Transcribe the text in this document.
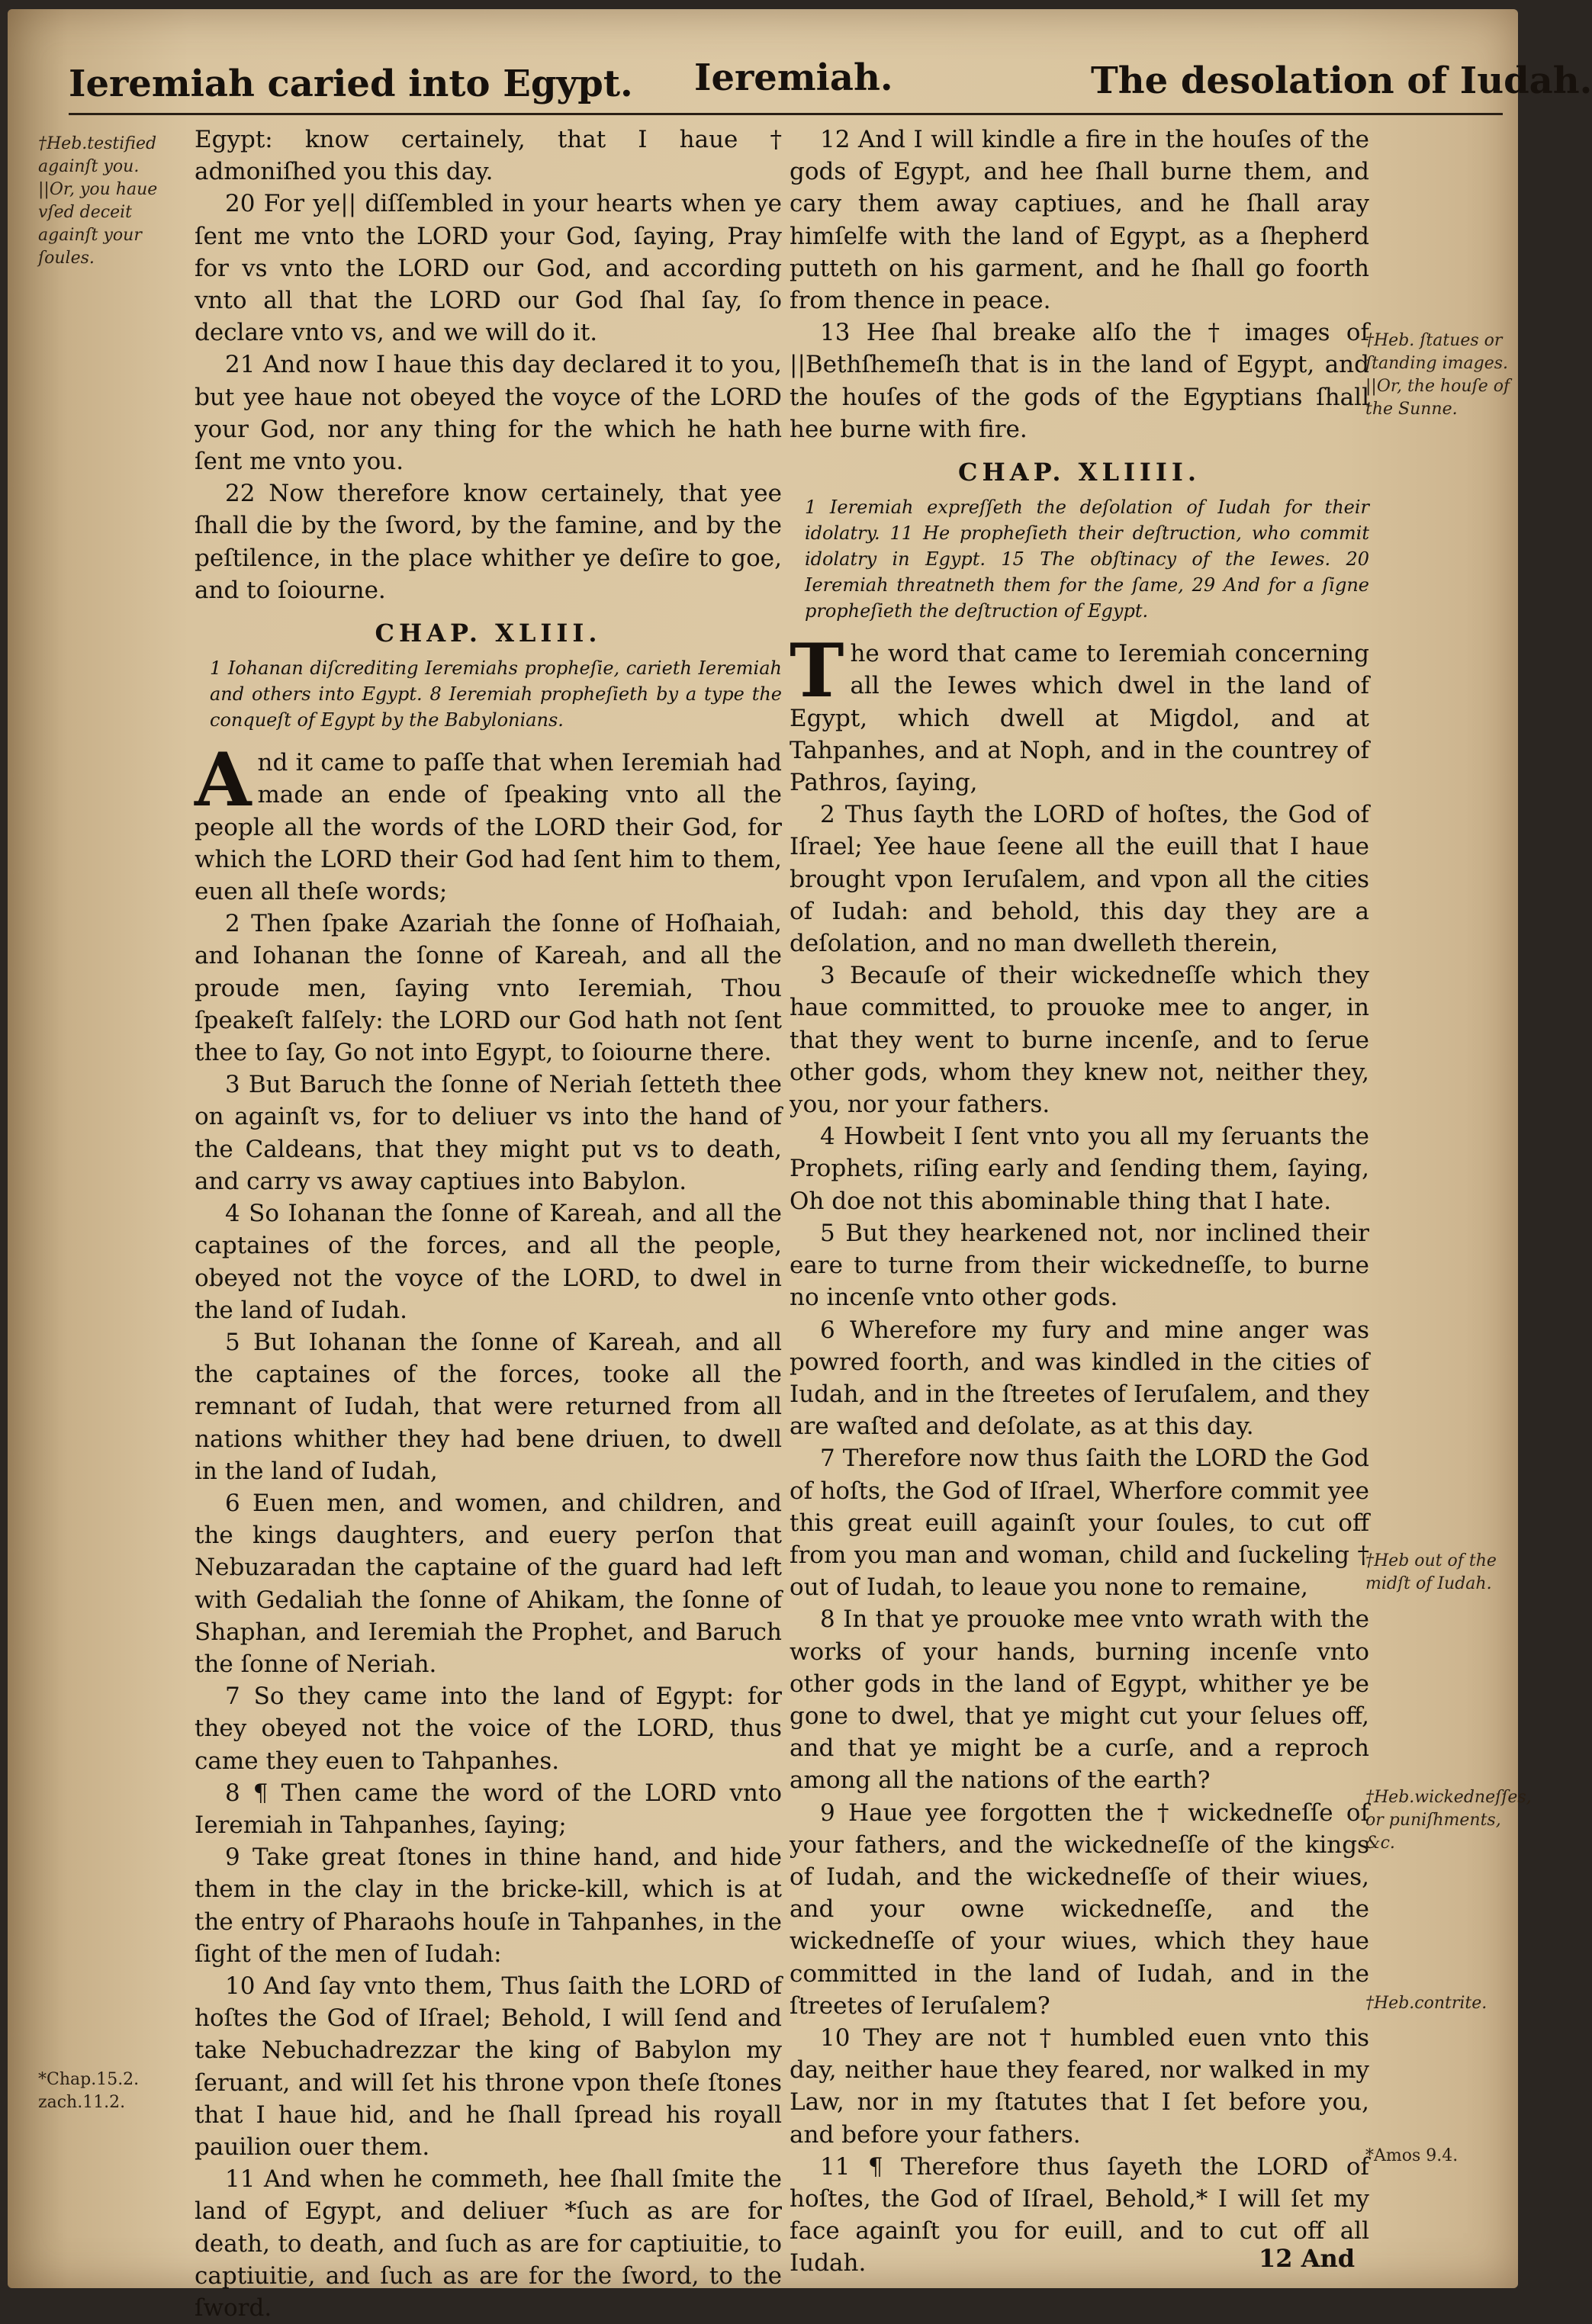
Ieremiah caried into Egypt. Ieremiah.	The desolation of Iudah.
†Heb.testified againſt you. ||Or, you haue vſed deceit againſt your ſoules.
*Chap.15.2. zach.11.2.
†Heb. ſtatues or ſtanding images. ||Or, the houſe of the Sunne.
†Heb out of the midſt of Iudah.
†Heb.wickedneſſes, or puniſhments, &c.
†Heb.contrite.
*Amos 9.4.

Egypt: know certainely, that I haue † admoniſhed you this day.

20 For ye|| diſſembled in your hearts when ye ſent me vnto the LORD your God, ſaying, Pray for vs vnto the LORD our God, and according vnto all that the LORD our God ſhal ſay, ſo declare vnto vs, and we will do it.

21 And now I haue this day declared it to you, but yee haue not obeyed the voyce of the LORD your God, nor any thing for the which he hath ſent me vnto you.

22 Now therefore know certainely, that yee ſhall die by the ſword, by the famine, and by the peſtilence, in the place whither ye deſire to goe, and to ſoiourne.

CHAP. XLIII.
1 Iohanan diſcrediting Ieremiahs propheſie, carieth Ieremiah and others into Egypt. 8 Ieremiah propheſieth by a type the conqueſt of Egypt by the Babylonians.

And it came to paſſe that when Ieremiah had made an ende of ſpeaking vnto all the people all the words of the LORD their God, for which the LORD their God had ſent him to them, euen all theſe words;

2 Then ſpake Azariah the ſonne of Hoſhaiah, and Iohanan the ſonne of Kareah, and all the proude men, ſaying vnto Ieremiah, Thou ſpeakeſt falſely: the LORD our God hath not ſent thee to ſay, Go not into Egypt, to ſoiourne there.

3 But Baruch the ſonne of Neriah ſetteth thee on againſt vs, for to deliuer vs into the hand of the Caldeans, that they might put vs to death, and carry vs away captiues into Babylon.

4 So Iohanan the ſonne of Kareah, and all the captaines of the forces, and all the people, obeyed not the voyce of the LORD, to dwel in the land of Iudah.

5 But Iohanan the ſonne of Kareah, and all the captaines of the forces, tooke all the remnant of Iudah, that were returned from all nations whither they had bene driuen, to dwell in the land of Iudah,

6 Euen men, and women, and children, and the kings daughters, and euery perſon that Nebuzaradan the captaine of the guard had left with Gedaliah the ſonne of Ahikam, the ſonne of Shaphan, and Ieremiah the Prophet, and Baruch the ſonne of Neriah.

7 So they came into the land of Egypt: for they obeyed not the voice of the LORD, thus came they euen to Tahpanhes.

8 ¶ Then came the word of the LORD vnto Ieremiah in Tahpanhes, ſaying;

9 Take great ſtones in thine hand, and hide them in the clay in the bricke-kill, which is at the entry of Pharaohs houſe in Tahpanhes, in the ſight of the men of Iudah:

10 And ſay vnto them, Thus ſaith the LORD of hoſtes the God of Iſrael; Behold, I will ſend and take Nebuchadrezzar the king of Babylon my ſeruant, and will ſet his throne vpon theſe ſtones that I haue hid, and he ſhall ſpread his royall pauilion ouer them.

11 And when he commeth, hee ſhall ſmite the land of Egypt, and deliuer *ſuch as are for death, to death, and ſuch as are for captiuitie, to captiuitie, and ſuch as are for the ſword, to the ſword.

12 And I will kindle a fire in the houſes of the gods of Egypt, and hee ſhall burne them, and cary them away captiues, and he ſhall aray himſelfe with the land of Egypt, as a ſhepherd putteth on his garment, and he ſhall go foorth from thence in peace.

13 Hee ſhal breake alſo the † images of ||Bethſhemeſh that is in the land of Egypt, and the houſes of the gods of the Egyptians ſhall hee burne with fire.

CHAP. XLIIII.
1 Ieremiah expreſſeth the deſolation of Iudah for their idolatry. 11 He propheſieth their deſtruction, who commit idolatry in Egypt. 15 The obſtinacy of the Iewes. 20 Ieremiah threatneth them for the ſame, 29 And for a ſigne propheſieth the deſtruction of Egypt.

The word that came to Ieremiah concerning all the Iewes which dwel in the land of Egypt, which dwell at Migdol, and at Tahpanhes, and at Noph, and in the countrey of Pathros, ſaying,

2 Thus ſayth the LORD of hoſtes, the God of Iſrael; Yee haue ſeene all the euill that I haue brought vpon Ieruſalem, and vpon all the cities of Iudah: and behold, this day they are a deſolation, and no man dwelleth therein,

3 Becauſe of their wickedneſſe which they haue committed, to prouoke mee to anger, in that they went to burne incenſe, and to ſerue other gods, whom they knew not, neither they, you, nor your fathers.

4 Howbeit I ſent vnto you all my ſeruants the Prophets, riſing early and ſending them, ſaying, Oh doe not this abominable thing that I hate.

5 But they hearkened not, nor inclined their eare to turne from their wickedneſſe, to burne no incenſe vnto other gods.

6 Wherefore my fury and mine anger was powred foorth, and was kindled in the cities of Iudah, and in the ſtreetes of Ieruſalem, and they are waſted and deſolate, as at this day.

7 Therefore now thus ſaith the LORD the God of hoſts, the God of Iſrael, Wherfore commit yee this great euill againſt your ſoules, to cut off from you man and woman, child and ſuckeling † out of Iudah, to leaue you none to remaine,

8 In that ye prouoke mee vnto wrath with the works of your hands, burning incenſe vnto other gods in the land of Egypt, whither ye be gone to dwel, that ye might cut your ſelues off, and that ye might be a curſe, and a reproch among all the nations of the earth?

9 Haue yee forgotten the † wickedneſſe of your fathers, and the wickedneſſe of the kings of Iudah, and the wickedneſſe of their wiues, and your owne wickedneſſe, and the wickedneſſe of your wiues, which they haue committed in the land of Iudah, and in the ſtreetes of Ieruſalem?

10 They are not † humbled euen vnto this day, neither haue they feared, nor walked in my Law, nor in my ſtatutes that I ſet before you, and before your fathers.

11 ¶ Therefore thus ſayeth the LORD of hoſtes, the God of Iſrael, Behold,* I will ſet my face againſt you for euill, and to cut off all Iudah.	12 And
